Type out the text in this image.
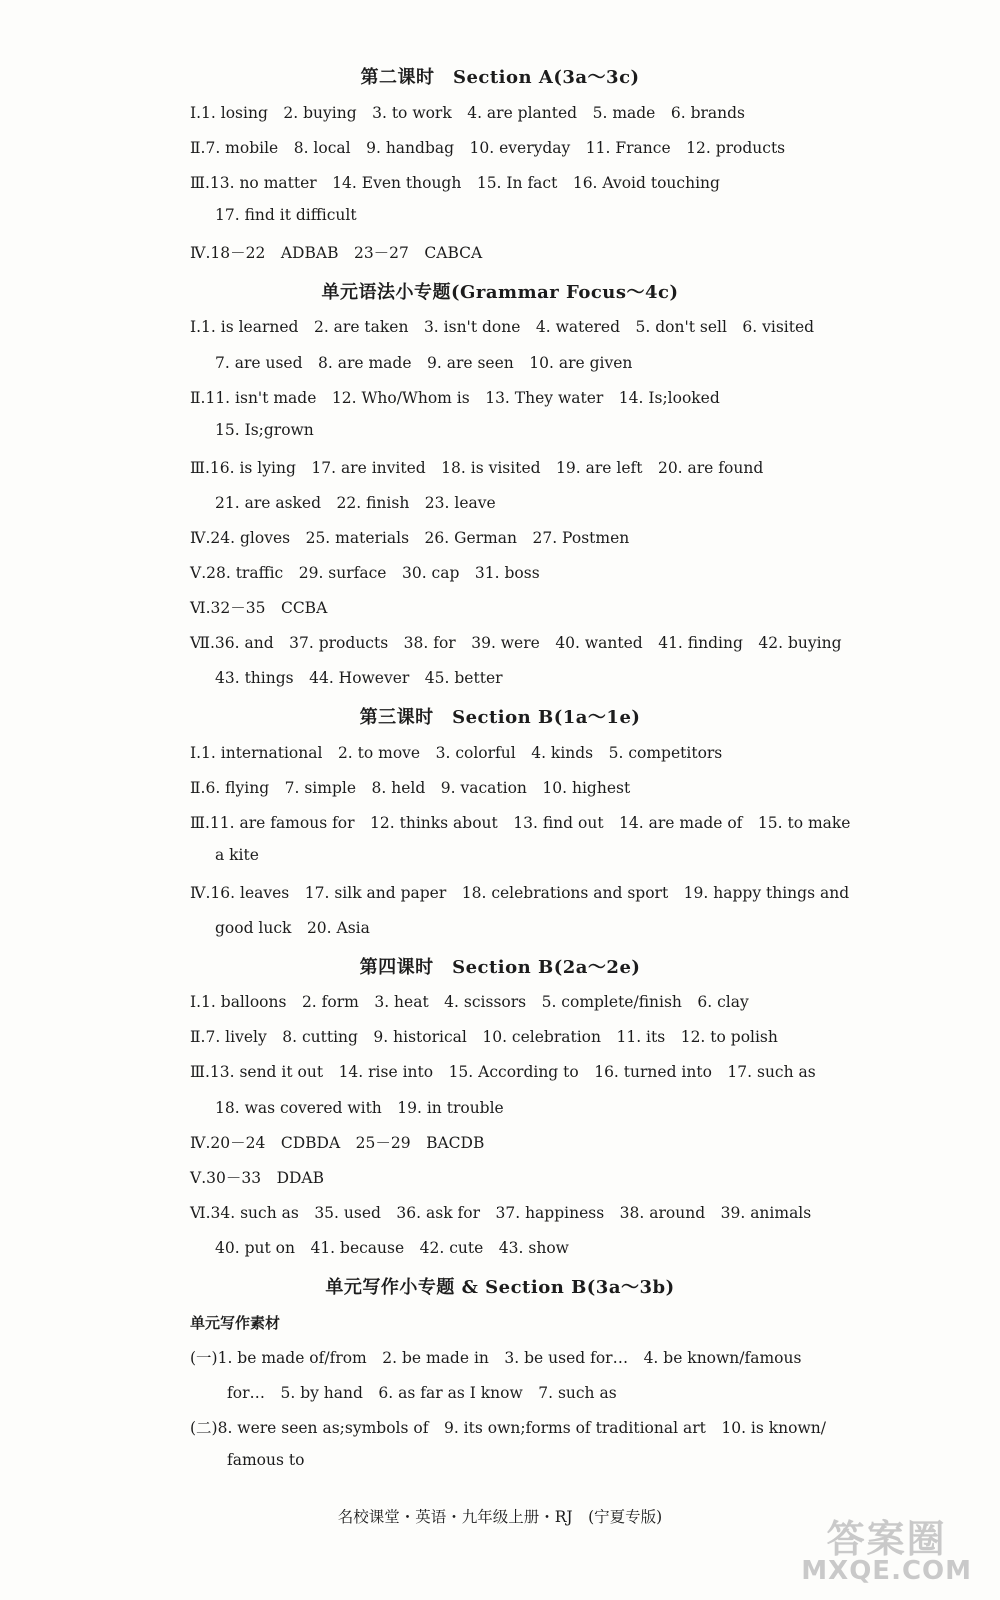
第二课时　Section A(3a～3c)
Ⅰ.1. losing　2. buying　3. to work　4. are planted　5. made　6. brands
Ⅱ.7. mobile　8. local　9. handbag　10. everyday　11. France　12. products
Ⅲ.13. no matter　14. Even though　15. In fact　16. Avoid touching
17. find it difficult
Ⅳ.18－22　ADBAB　23－27　CABCA
单元语法小专题(Grammar Focus～4c)
Ⅰ.1. is learned　2. are taken　3. isn't done　4. watered　5. don't sell　6. visited
7. are used　8. are made　9. are seen　10. are given
Ⅱ.11. isn't made　12. Who/Whom is　13. They water　14. Is;looked
15. Is;grown
Ⅲ.16. is lying　17. are invited　18. is visited　19. are left　20. are found
21. are asked　22. finish　23. leave
Ⅳ.24. gloves　25. materials　26. German　27. Postmen
Ⅴ.28. traffic　29. surface　30. cap　31. boss
Ⅵ.32－35　CCBA
Ⅶ.36. and　37. products　38. for　39. were　40. wanted　41. finding　42. buying
43. things　44. However　45. better
第三课时　Section B(1a～1e)
Ⅰ.1. international　2. to move　3. colorful　4. kinds　5. competitors
Ⅱ.6. flying　7. simple　8. held　9. vacation　10. highest
Ⅲ.11. are famous for　12. thinks about　13. find out　14. are made of　15. to make
a kite
Ⅳ.16. leaves　17. silk and paper　18. celebrations and sport　19. happy things and
good luck　20. Asia
第四课时　Section B(2a～2e)
Ⅰ.1. balloons　2. form　3. heat　4. scissors　5. complete/finish　6. clay
Ⅱ.7. lively　8. cutting　9. historical　10. celebration　11. its　12. to polish
Ⅲ.13. send it out　14. rise into　15. According to　16. turned into　17. such as
18. was covered with　19. in trouble
Ⅳ.20－24　CDBDA　25－29　BACDB
Ⅴ.30－33　DDAB
Ⅵ.34. such as　35. used　36. ask for　37. happiness　38. around　39. animals
40. put on　41. because　42. cute　43. show
单元写作小专题 & Section B(3a～3b)
单元写作素材
(一)1. be made of/from　2. be made in　3. be used for…　4. be known/famous
for…　5. by hand　6. as far as I know　7. such as
(二)8. were seen as;symbols of　9. its own;forms of traditional art　10. is known/
famous to
名校课堂・英语・九年级上册・RJ　(宁夏专版)	答案圈
MXQE.COM
